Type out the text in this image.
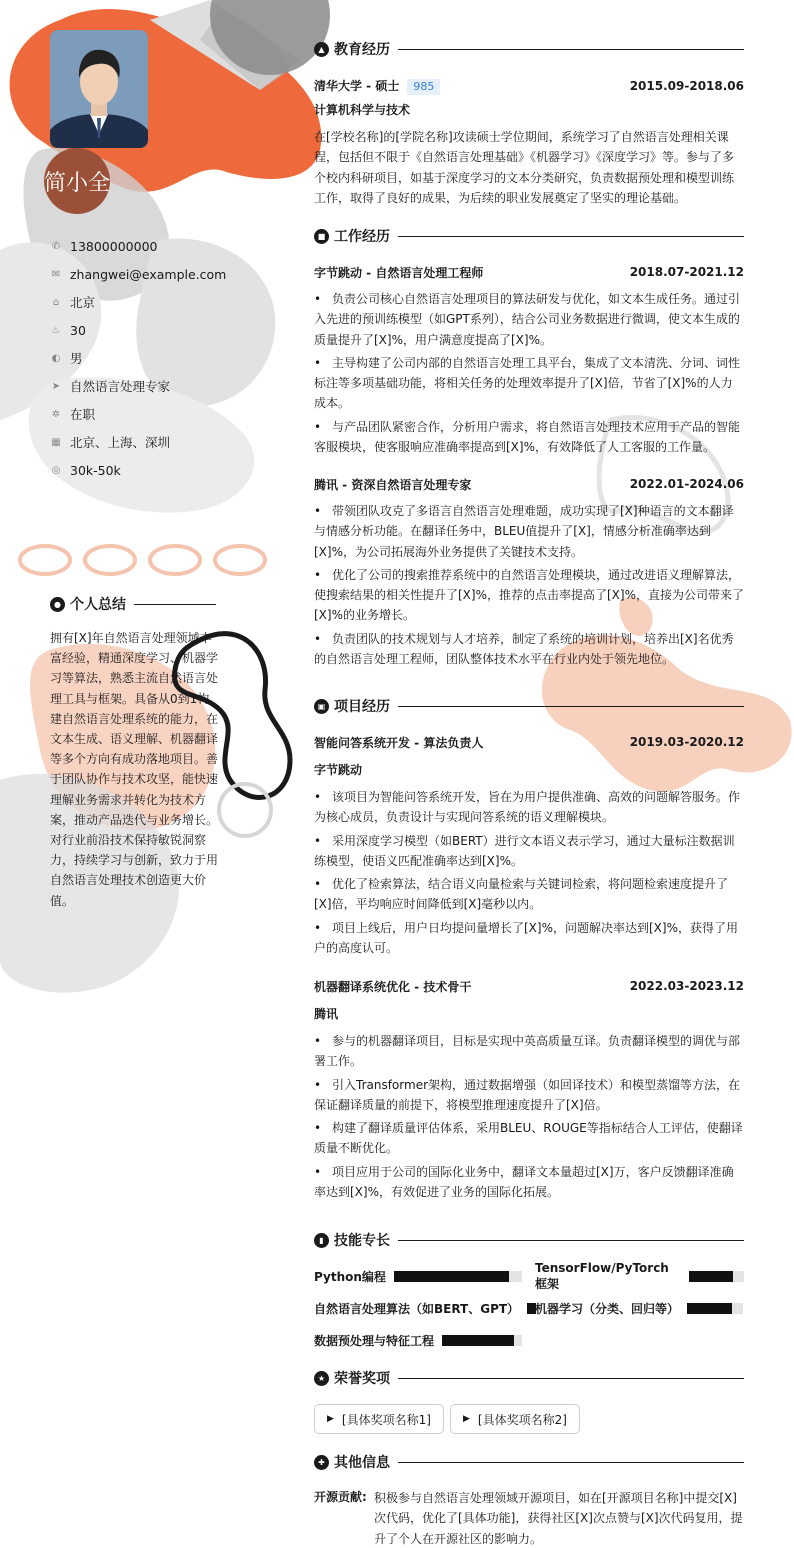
简小全
✆ 13800000000
✉ zhangwei@example.com
⌂ 北京
♨ 30
◐ 男
➤ 自然语言处理专家
✲ 在职
▦ 北京、上海、深圳
◎ 30k-50k
● 个人总结
拥有[X]年自然语言处理领域丰富经验，精通深度学习、机器学习等算法，熟悉主流自然语言处理工具与框架。具备从0到1构建自然语言处理系统的能力，在文本生成、语义理解、机器翻译等多个方向有成功落地项目。善于团队协作与技术攻坚，能快速理解业务需求并转化为技术方案，推动产品迭代与业务增长。对行业前沿技术保持敏锐洞察力，持续学习与创新，致力于用自然语言处理技术创造更大价值。
▲ 教育经历
清华大学 - 硕士 985	2015.09-2018.06
计算机科学与技术
在[学校名称]的[学院名称]攻读硕士学位期间，系统学习了自然语言处理相关课程，包括但不限于《自然语言处理基础》《机器学习》《深度学习》等。参与了多个校内科研项目，如基于深度学习的文本分类研究，负责数据预处理和模型训练工作，取得了良好的成果，为后续的职业发展奠定了坚实的理论基础。
■ 工作经历
字节跳动 - 自然语言处理工程师	2018.07-2021.12
• 负责公司核心自然语言处理项目的算法研发与优化，如文本生成任务。通过引入先进的预训练模型（如GPT系列），结合公司业务数据进行微调，使文本生成的质量提升了[X]%，用户满意度提高了[X]%。
• 主导构建了公司内部的自然语言处理工具平台，集成了文本清洗、分词、词性标注等多项基础功能，将相关任务的处理效率提升了[X]倍，节省了[X]%的人力成本。
• 与产品团队紧密合作，分析用户需求，将自然语言处理技术应用于产品的智能客服模块，使客服响应准确率提高到[X]%，有效降低了人工客服的工作量。
腾讯 - 资深自然语言处理专家	2022.01-2024.06
• 带领团队攻克了多语言自然语言处理难题，成功实现了[X]种语言的文本翻译与情感分析功能。在翻译任务中，BLEU值提升了[X]，情感分析准确率达到[X]%，为公司拓展海外业务提供了关键技术支持。
• 优化了公司的搜索推荐系统中的自然语言处理模块，通过改进语义理解算法，使搜索结果的相关性提升了[X]%，推荐的点击率提高了[X]%，直接为公司带来了[X]%的业务增长。
• 负责团队的技术规划与人才培养，制定了系统的培训计划，培养出[X]名优秀的自然语言处理工程师，团队整体技术水平在行业内处于领先地位。
▣ 项目经历
智能问答系统开发 - 算法负责人	2019.03-2020.12
字节跳动
• 该项目为智能问答系统开发，旨在为用户提供准确、高效的问题解答服务。作为核心成员，负责设计与实现问答系统的语义理解模块。
• 采用深度学习模型（如BERT）进行文本语义表示学习，通过大量标注数据训练模型，使语义匹配准确率达到[X]%。
• 优化了检索算法，结合语义向量检索与关键词检索，将问题检索速度提升了[X]倍，平均响应时间降低到[X]毫秒以内。
• 项目上线后，用户日均提问量增长了[X]%，问题解决率达到[X]%，获得了用户的高度认可。
机器翻译系统优化 - 技术骨干	2022.03-2023.12
腾讯
• 参与的机器翻译项目，目标是实现中英高质量互译。负责翻译模型的调优与部署工作。
• 引入Transformer架构，通过数据增强（如回译技术）和模型蒸馏等方法，在保证翻译质量的前提下，将模型推理速度提升了[X]倍。
• 构建了翻译质量评估体系，采用BLEU、ROUGE等指标结合人工评估，使翻译质量不断优化。
• 项目应用于公司的国际化业务中，翻译文本量超过[X]万，客户反馈翻译准确率达到[X]%，有效促进了业务的国际化拓展。
▮ 技能专长
Python编程
TensorFlow/PyTorch框架
自然语言处理算法（如BERT、GPT） 机器学习（分类、回归等）
数据预处理与特征工程
★ 荣誉奖项
▶ [具体奖项名称1]	▶ [具体奖项名称2]
✚ 其他信息
开源贡献: 积极参与自然语言处理领域开源项目，如在[开源项目名称]中提交[X]次代码，优化了[具体功能]，获得社区[X]次点赞与[X]次代码复用，提升了个人在开源社区的影响力。
